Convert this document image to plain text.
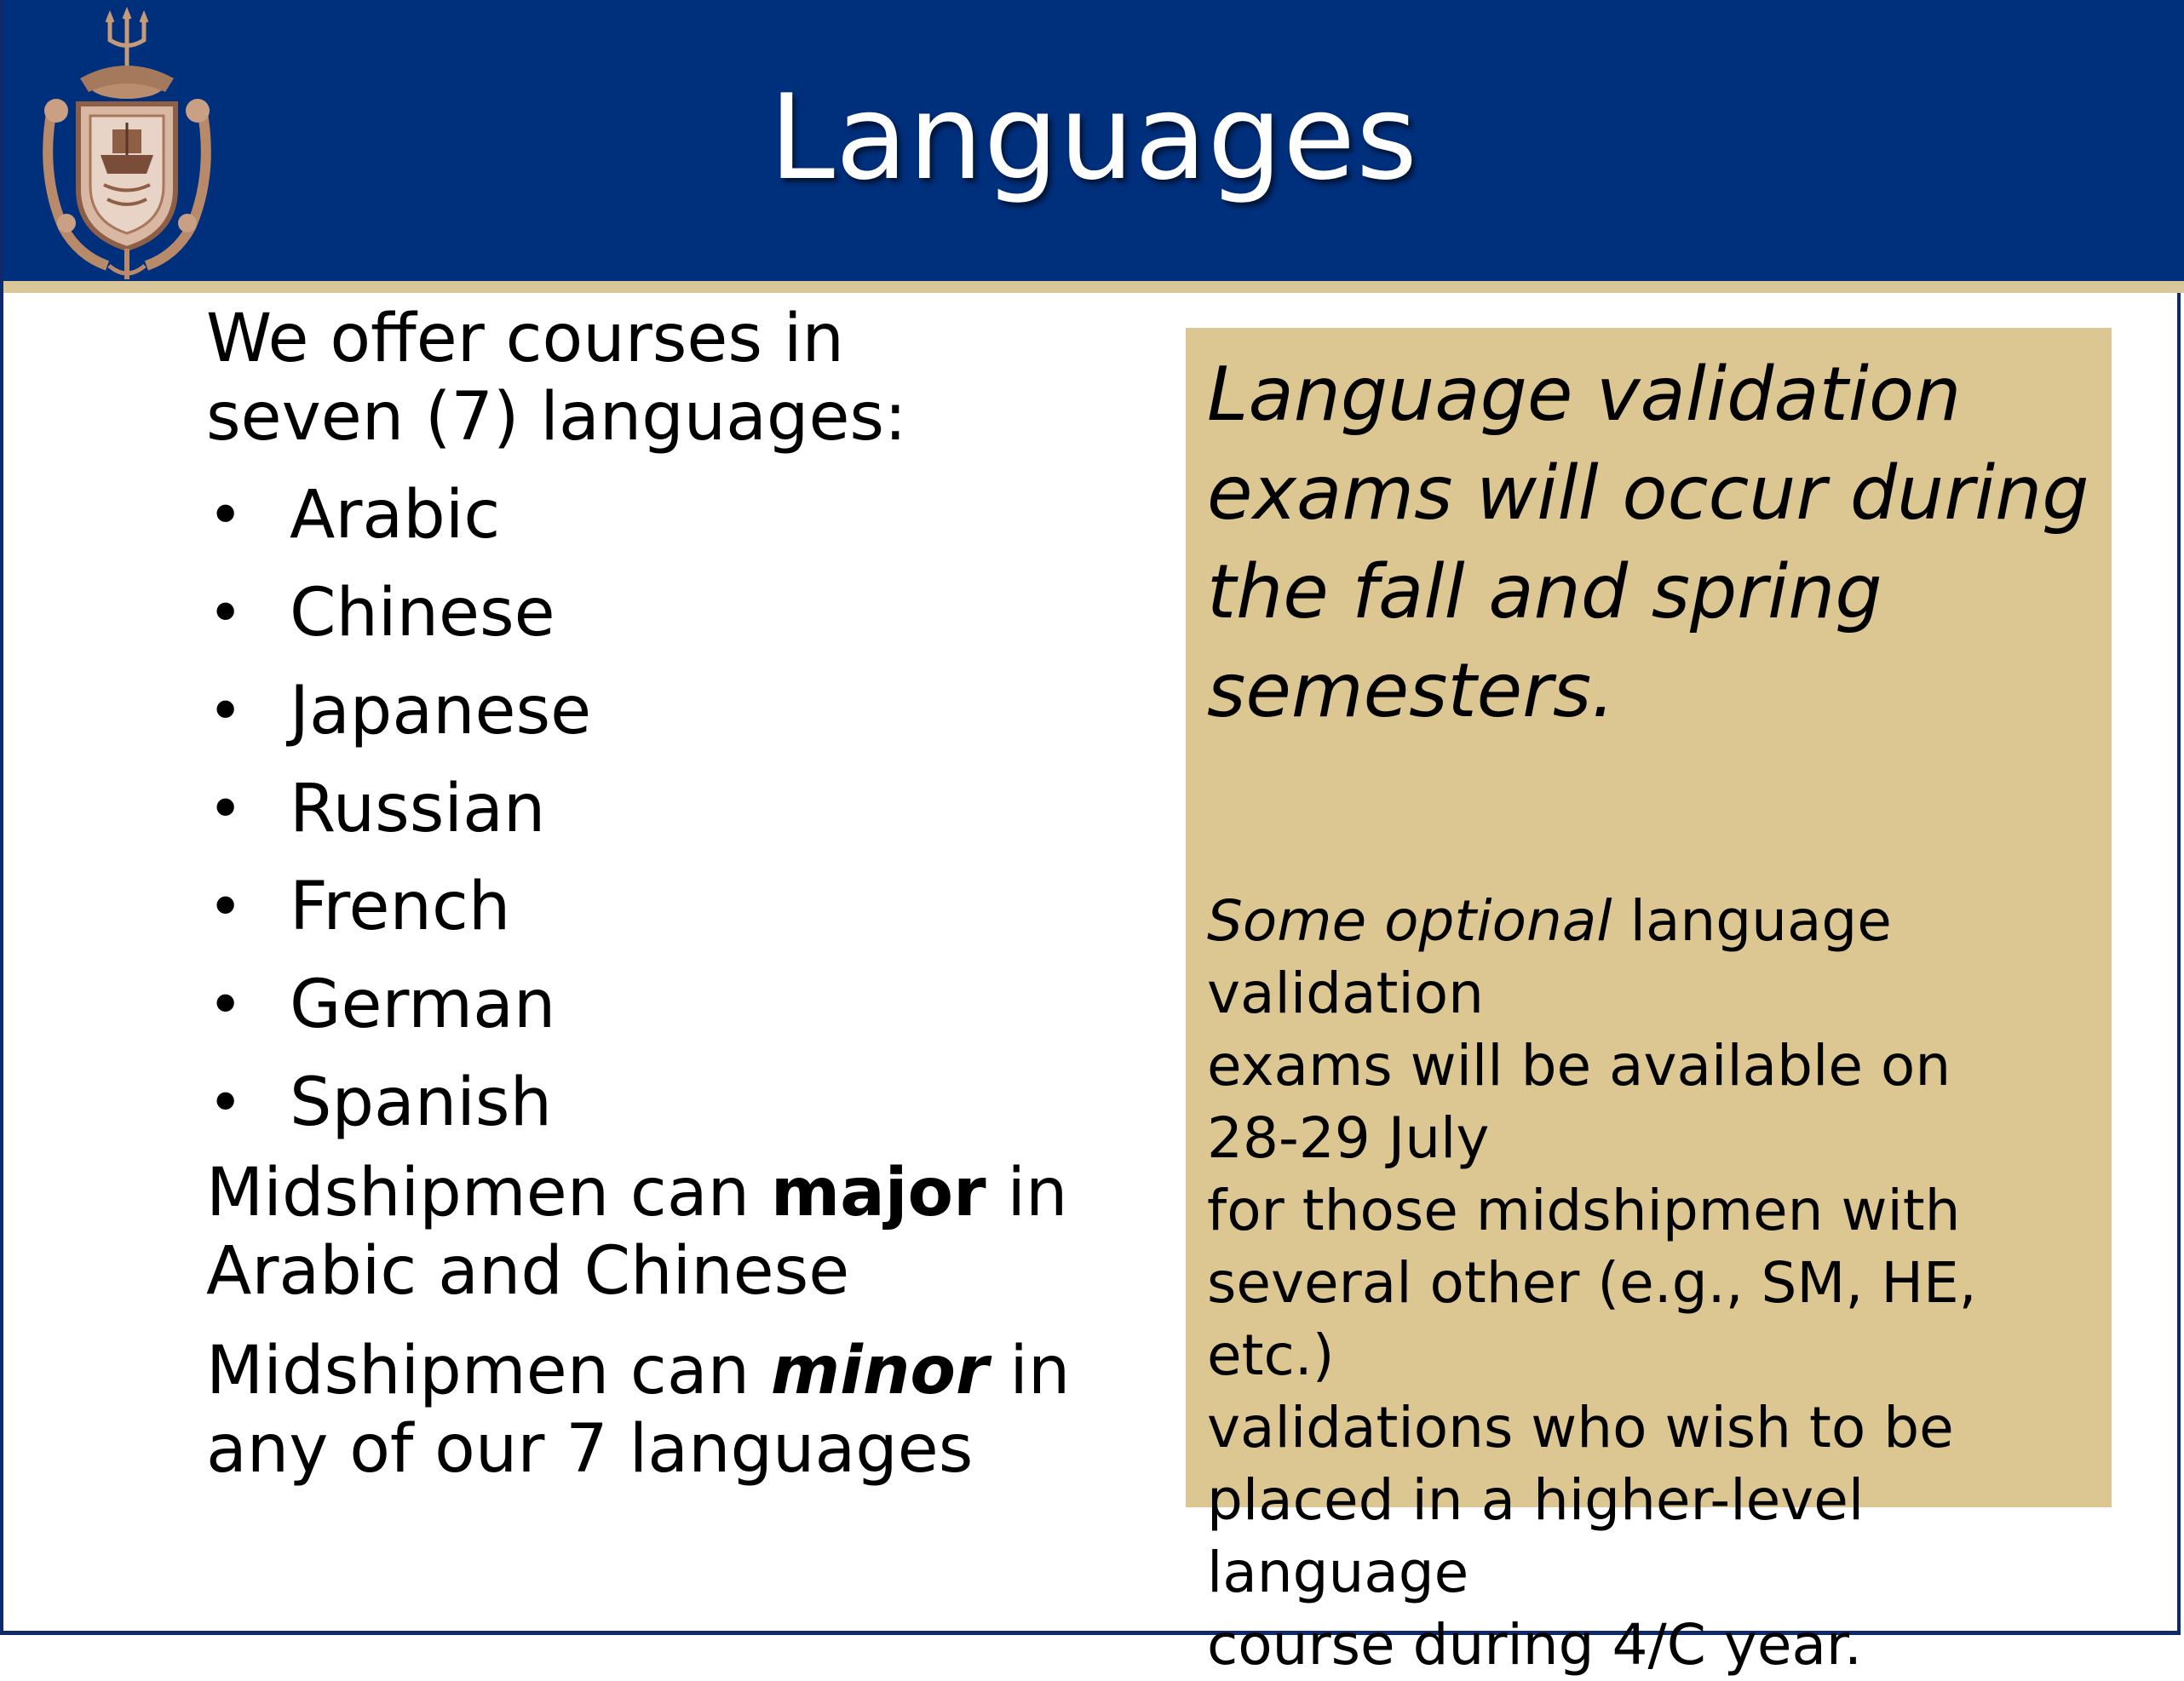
Languages

We offer courses in
seven (7) languages:

• Arabic
• Chinese
• Japanese
• Russian
• French
• German
• Spanish

Midshipmen can major in
Arabic and Chinese

Midshipmen can minor in
any of our 7 languages

Language validation
exams will occur during
the fall and spring
semesters.

Some optional language validation
exams will be available on
28-29 July
for those midshipmen with
several other (e.g., SM, HE, etc.)
validations who wish to be
placed in a higher-level language
course during 4/C year.
